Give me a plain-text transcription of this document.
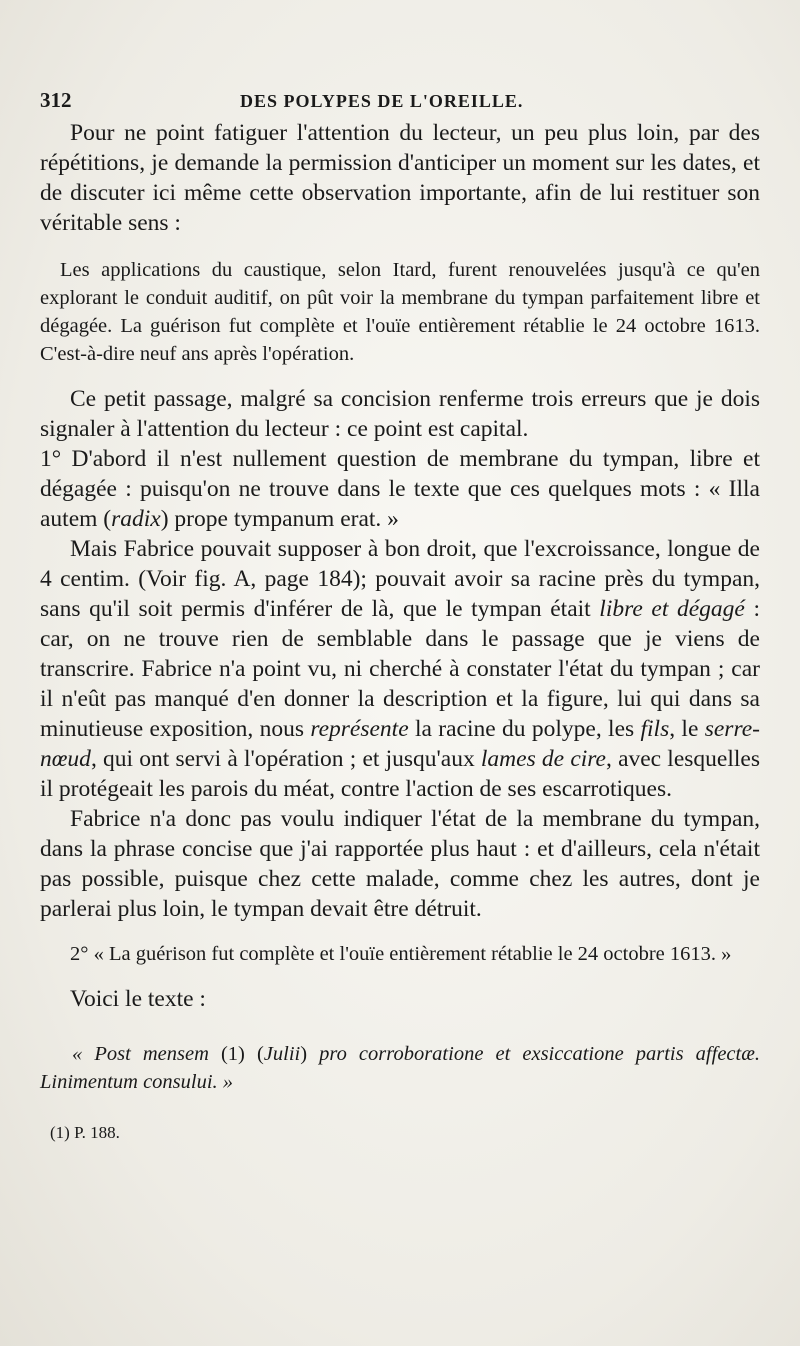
312	DES POLYPES DE L'OREILLE.

Pour ne point fatiguer l'attention du lecteur, un peu plus loin, par des répétitions, je demande la permission d'anticiper un moment sur les dates, et de discuter ici même cette observation importante, afin de lui restituer son véritable sens :

Les applications du caustique, selon Itard, furent renouvelées jusqu'à ce qu'en explorant le conduit auditif, on pût voir la membrane du tympan parfaitement libre et dégagée. La guérison fut complète et l'ouïe entièrement rétablie le 24 octobre 1613. C'est-à-dire neuf ans après l'opération.

Ce petit passage, malgré sa concision renferme trois erreurs que je dois signaler à l'attention du lecteur : ce point est capital.

1° D'abord il n'est nullement question de membrane du tympan, libre et dégagée : puisqu'on ne trouve dans le texte que ces quelques mots : « Illa autem (radix) prope tympanum erat. »

Mais Fabrice pouvait supposer à bon droit, que l'excroissance, longue de 4 centim. (Voir fig. A, page 184); pouvait avoir sa racine près du tympan, sans qu'il soit permis d'inférer de là, que le tympan était libre et dégagé : car, on ne trouve rien de semblable dans le passage que je viens de transcrire. Fabrice n'a point vu, ni cherché à constater l'état du tympan ; car il n'eût pas manqué d'en donner la description et la figure, lui qui dans sa minutieuse exposition, nous représente la racine du polype, les fils, le serre-nœud, qui ont servi à l'opération ; et jusqu'aux lames de cire, avec lesquelles il protégeait les parois du méat, contre l'action de ses escarrotiques.

Fabrice n'a donc pas voulu indiquer l'état de la membrane du tympan, dans la phrase concise que j'ai rapportée plus haut : et d'ailleurs, cela n'était pas possible, puisque chez cette malade, comme chez les autres, dont je parlerai plus loin, le tympan devait être détruit.

2° « La guérison fut complète et l'ouïe entièrement rétablie le 24 octobre 1613. »

Voici le texte :

« Post mensem (1) (Julii) pro corroboratione et exsiccatione partis affectæ. Linimentum consului. »
(1) P. 188.
